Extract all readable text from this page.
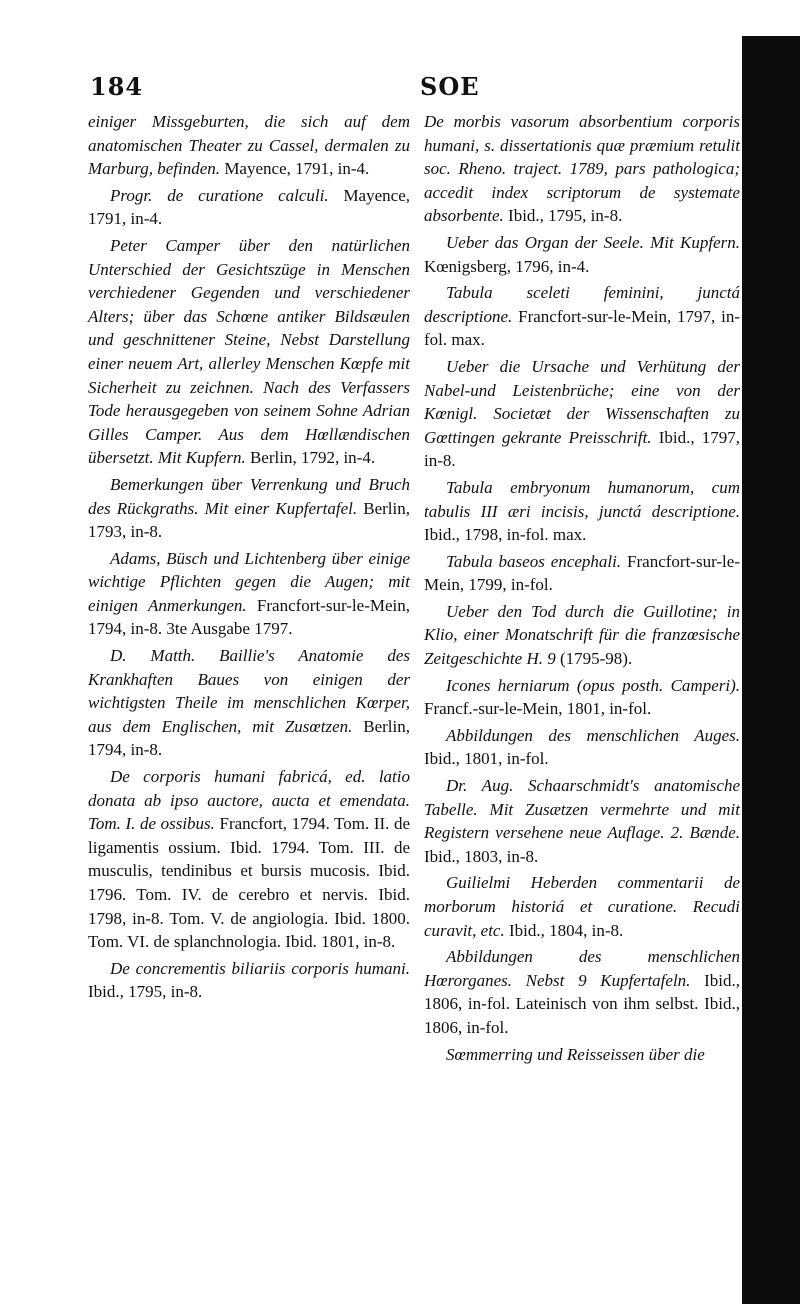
184	SOE

einiger Missgeburten, die sich auf dem anatomischen Theater zu Cassel, dermalen zu Marburg, befinden. Mayence, 1791, in-4.

Progr. de curatione calculi. Mayence, 1791, in-4.

Peter Camper über den natürlichen Unterschied der Gesichtszüge in Menschen verchiedener Gegenden und verschiedener Alters; über das Schœne antiker Bildsæulen und geschnittener Steine, Nebst Darstellung einer neuem Art, allerley Menschen Kœpfe mit Sicherheit zu zeichnen. Nach des Verfassers Tode herausgegeben von seinem Sohne Adrian Gilles Camper. Aus dem Hœllændischen übersetzt. Mit Kupfern. Berlin, 1792, in-4.

Bemerkungen über Verrenkung und Bruch des Rückgraths. Mit einer Kupfertafel. Berlin, 1793, in-8.

Adams, Büsch und Lichtenberg über einige wichtige Pflichten gegen die Augen; mit einigen Anmerkungen. Francfort-sur-le-Mein, 1794, in-8. 3te Ausgabe 1797.

D. Matth. Baillie's Anatomie des Krankhaften Baues von einigen der wichtigsten Theile im menschlichen Kœrper, aus dem Englischen, mit Zusœtzen. Berlin, 1794, in-8.

De corporis humani fabricá, ed. latio donata ab ipso auctore, aucta et emendata. Tom. I. de ossibus. Francfort, 1794. Tom. II. de ligamentis ossium. Ibid. 1794. Tom. III. de musculis, tendinibus et bursis mucosis. Ibid. 1796. Tom. IV. de cerebro et nervis. Ibid. 1798, in-8. Tom. V. de angiologia. Ibid. 1800. Tom. VI. de splanchnologia. Ibid. 1801, in-8.

De concrementis biliariis corporis humani. Ibid., 1795, in-8.

De morbis vasorum absorbentium corporis humani, s. dissertationis quæ præmium retulit soc. Rheno. traject. 1789, pars pathologica; accedit index scriptorum de systemate absorbente. Ibid., 1795, in-8.

Ueber das Organ der Seele. Mit Kupfern. Kœnigsberg, 1796, in-4.

Tabula sceleti feminini, junctá descriptione. Francfort-sur-le-Mein, 1797, in-fol. max.

Ueber die Ursache und Verhütung der Nabel-und Leistenbrüche; eine von der Kœnigl. Societæt der Wissenschaften zu Gœttingen gekrante Preisschrift. Ibid., 1797, in-8.

Tabula embryonum humanorum, cum tabulis III æri incisis, junctá descriptione. Ibid., 1798, in-fol. max.

Tabula baseos encephali. Francfort-sur-le-Mein, 1799, in-fol.

Ueber den Tod durch die Guillotine; in Klio, einer Monatschrift für die franzœsische Zeitgeschichte H. 9 (1795-98).

Icones herniarum (opus posth. Camperi). Francf.-sur-le-Mein, 1801, in-fol.

Abbildungen des menschlichen Auges. Ibid., 1801, in-fol.

Dr. Aug. Schaarschmidt's anatomische Tabelle. Mit Zusætzen vermehrte und mit Registern versehene neue Auflage. 2. Bænde. Ibid., 1803, in-8.

Guilielmi Heberden commentarii de morborum historiá et curatione. Recudi curavit, etc. Ibid., 1804, in-8.

Abbildungen des menschlichen Hœrorganes. Nebst 9 Kupfertafeln. Ibid., 1806, in-fol. Lateinisch von ihm selbst. Ibid., 1806, in-fol.

Sœmmerring und Reisseissen über die
